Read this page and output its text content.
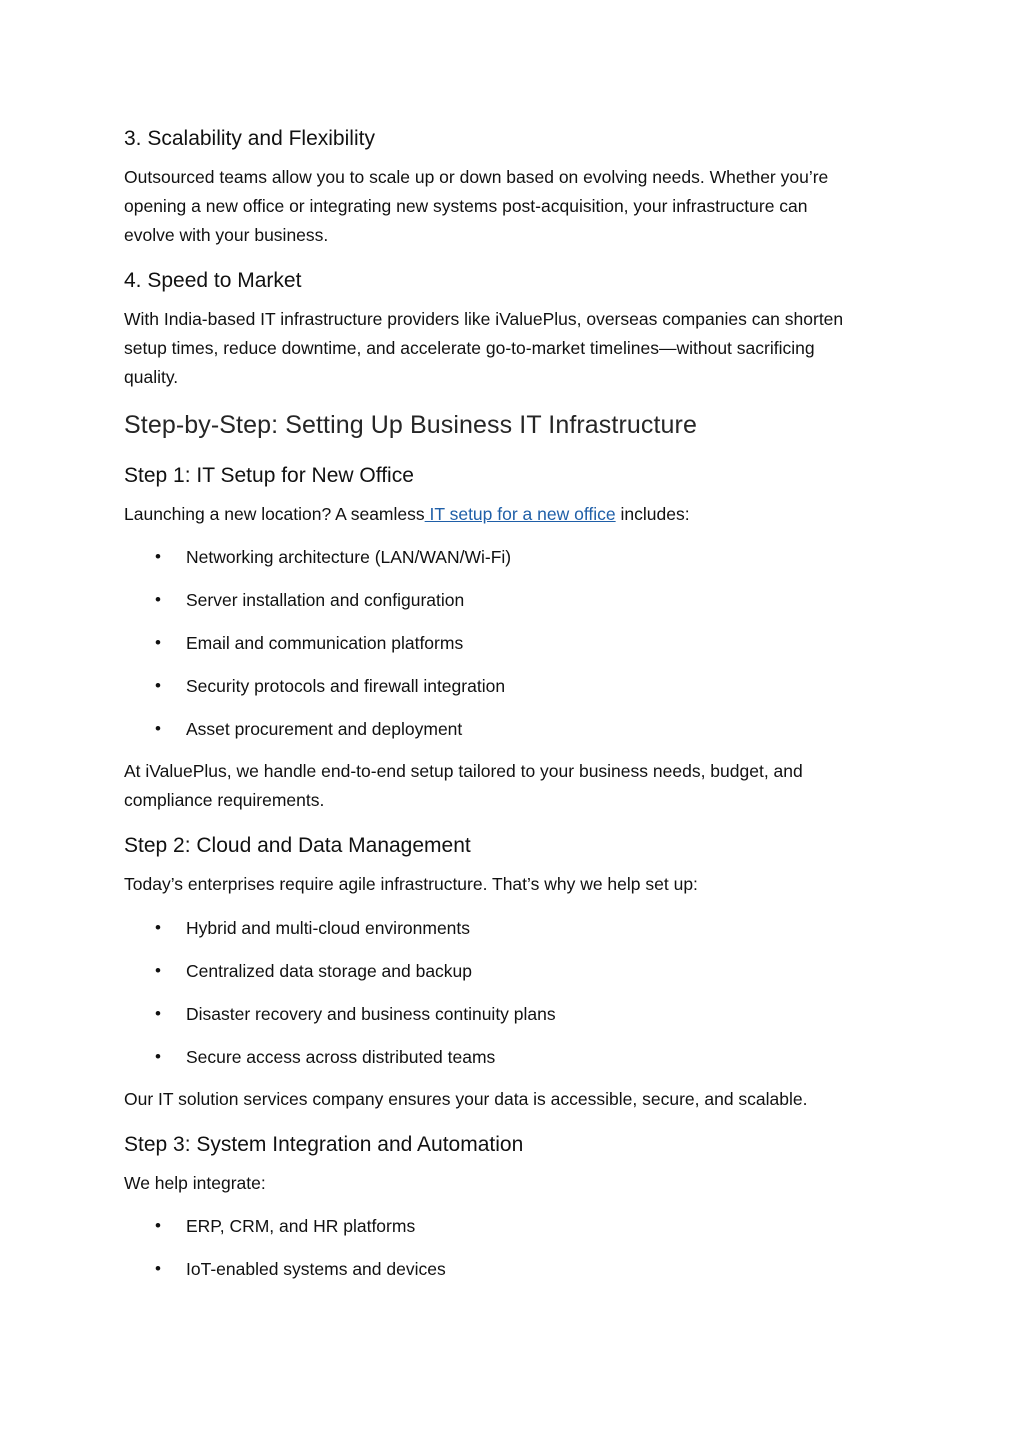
3. Scalability and Flexibility
Outsourced teams allow you to scale up or down based on evolving needs. Whether you’re
opening a new office or integrating new systems post-acquisition, your infrastructure can
evolve with your business.
4. Speed to Market
With India-based IT infrastructure providers like iValuePlus, overseas companies can shorten
setup times, reduce downtime, and accelerate go-to-market timelines—without sacrificing
quality.
Step-by-Step: Setting Up Business IT Infrastructure
Step 1: IT Setup for New Office
Launching a new location? A seamless IT setup for a new office includes:
• Networking architecture (LAN/WAN/Wi-Fi)
• Server installation and configuration
• Email and communication platforms
• Security protocols and firewall integration
• Asset procurement and deployment
At iValuePlus, we handle end-to-end setup tailored to your business needs, budget, and
compliance requirements.
Step 2: Cloud and Data Management
Today’s enterprises require agile infrastructure. That’s why we help set up:
• Hybrid and multi-cloud environments
• Centralized data storage and backup
• Disaster recovery and business continuity plans
• Secure access across distributed teams
Our IT solution services company ensures your data is accessible, secure, and scalable.
Step 3: System Integration and Automation
We help integrate:
• ERP, CRM, and HR platforms
• IoT-enabled systems and devices
